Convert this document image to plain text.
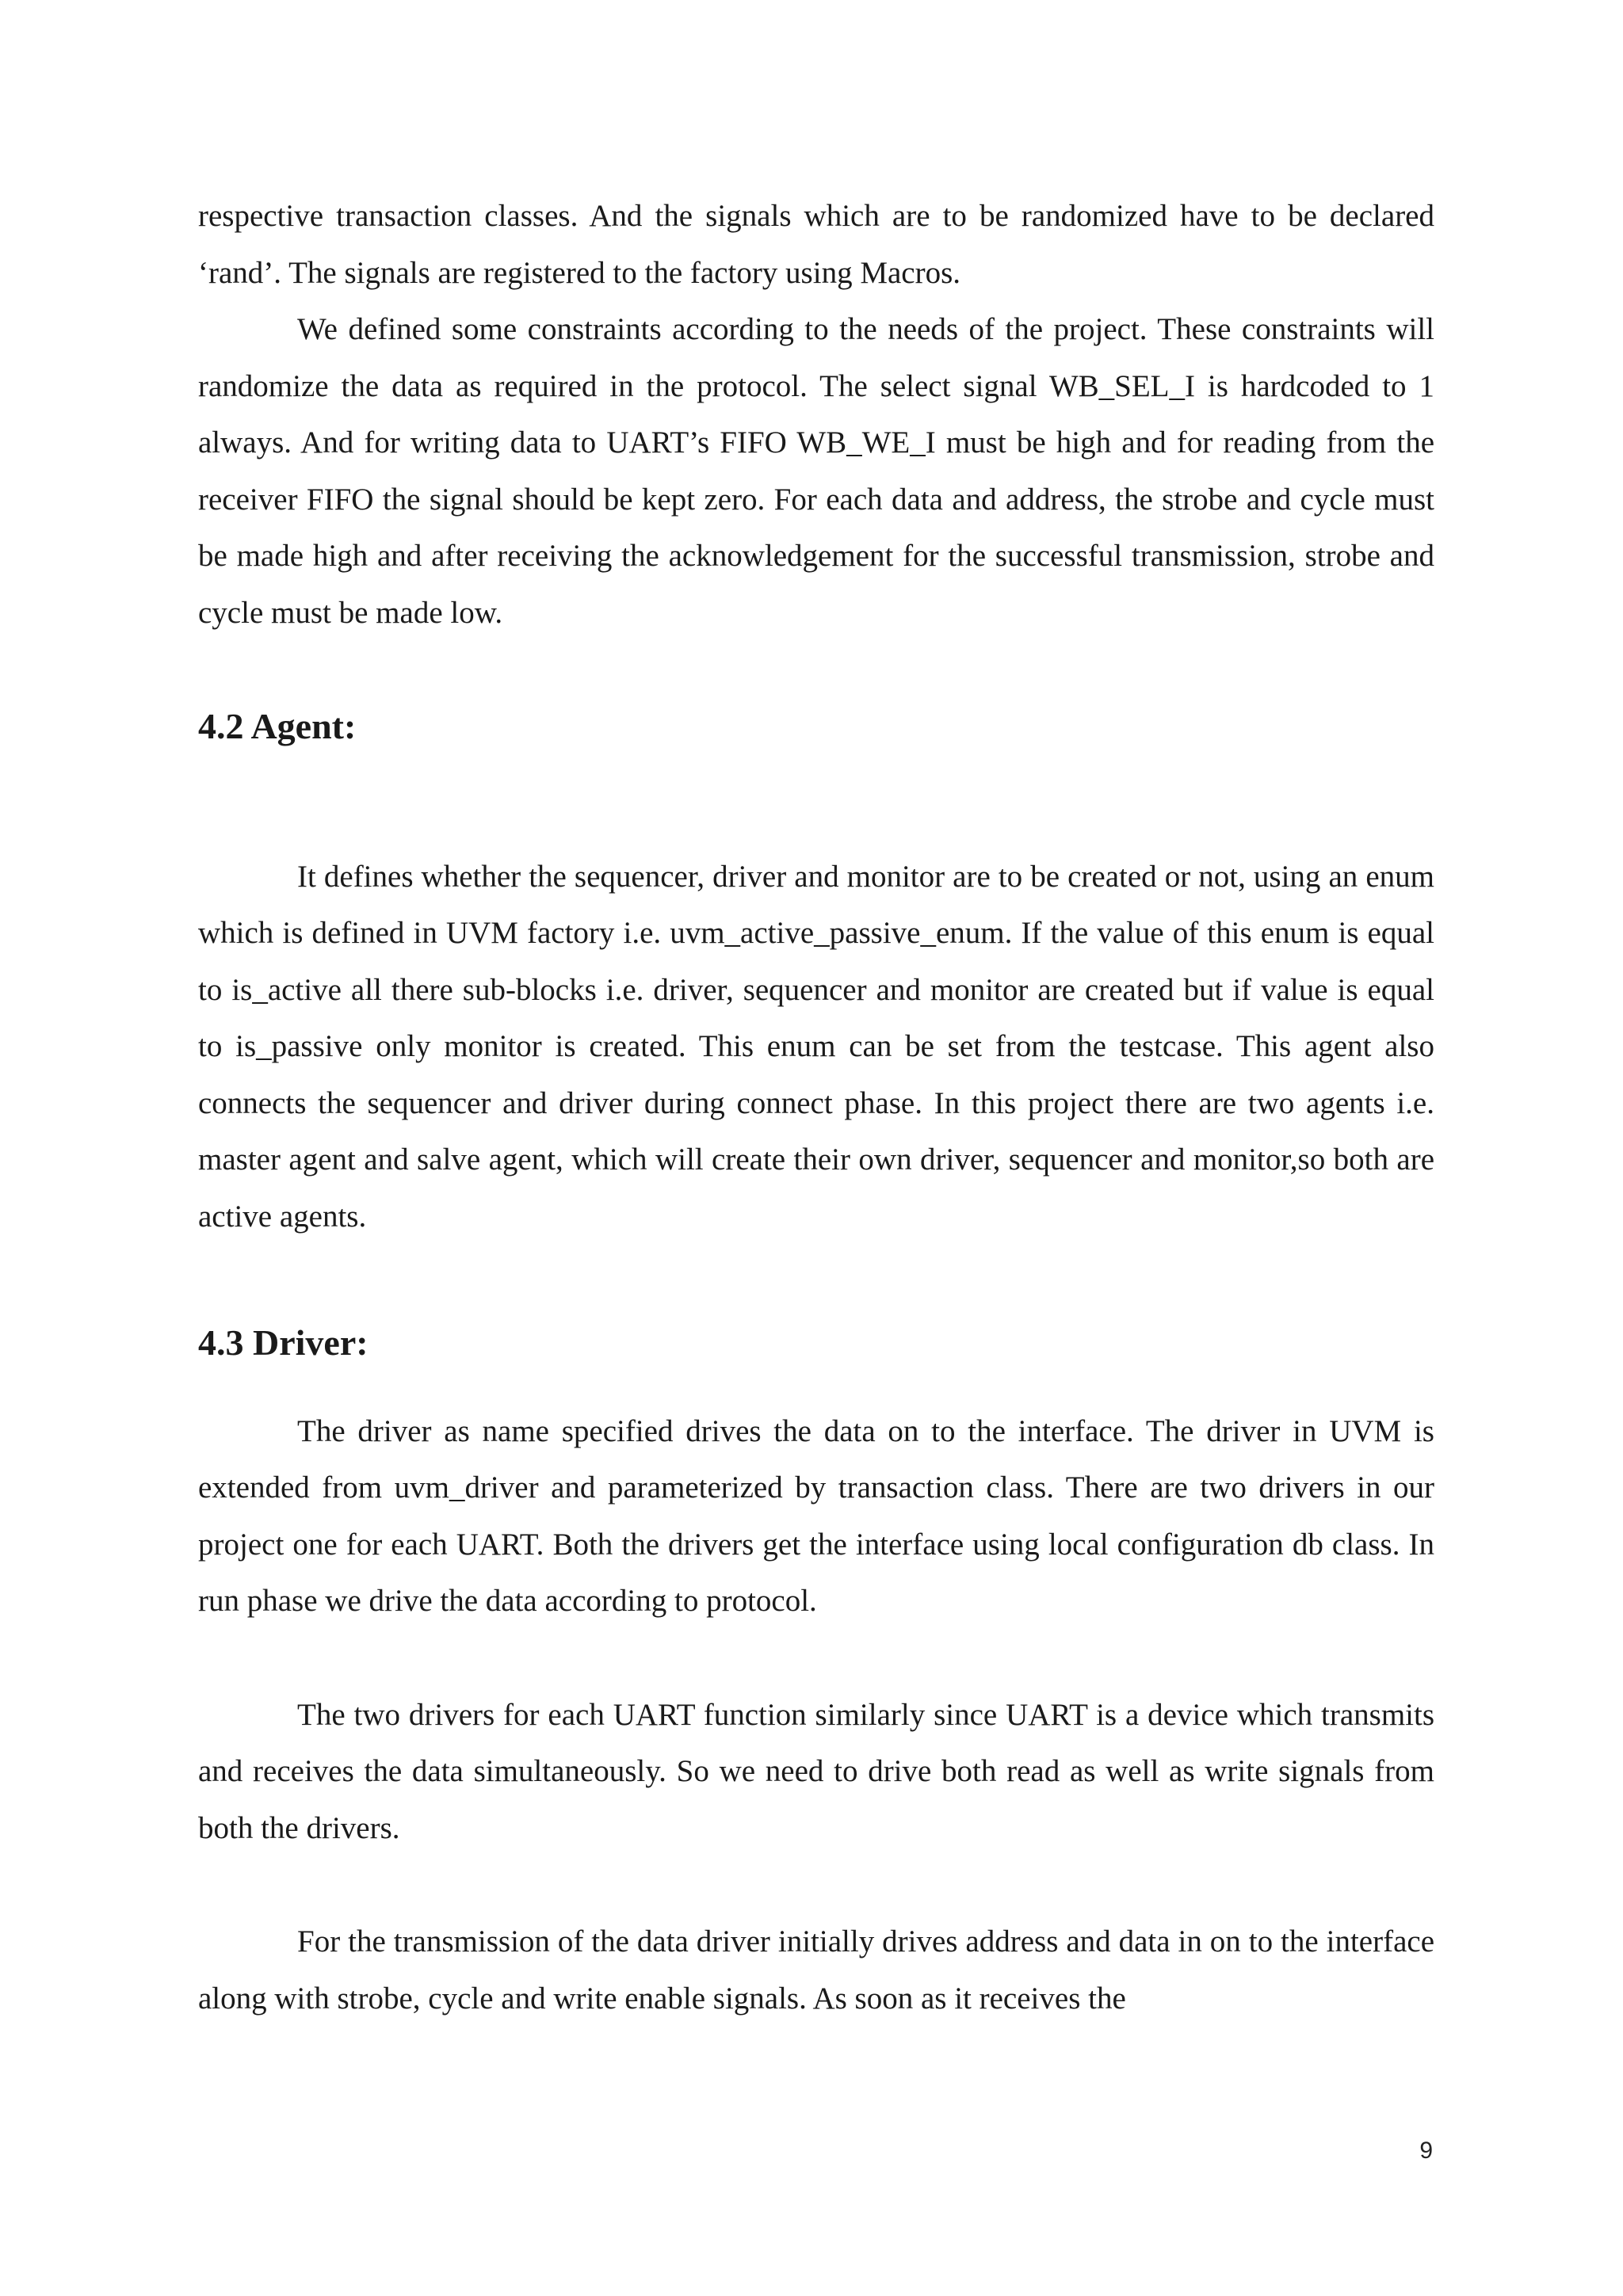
respective transaction classes. And the signals which are to be randomized have to be declared ‘rand’. The signals are registered to the factory using Macros.

We defined some constraints according to the needs of the project. These constraints will randomize the data as required in the protocol. The select signal WB_SEL_I is hardcoded to 1 always. And for writing data to UART’s FIFO WB_WE_I must be high and for reading from the receiver FIFO the signal should be kept zero. For each data and address, the strobe and cycle must be made high and after receiving the acknowledgement for the successful transmission, strobe and cycle must be made low.

4.2 Agent:

It defines whether the sequencer, driver and monitor are to be created or not, using an enum which is defined in UVM factory i.e. uvm_active_passive_enum. If the value of this enum is equal to is_active all there sub-blocks i.e. driver, sequencer and monitor are created but if value is equal to is_passive only monitor is created. This enum can be set from the testcase. This agent also connects the sequencer and driver during connect phase. In this project there are two agents i.e. master agent and salve agent, which will create their own driver, sequencer and monitor,so both are active agents.

4.3 Driver:

The driver as name specified drives the data on to the interface. The driver in UVM is extended from uvm_driver and parameterized by transaction class. There are two drivers in our project one for each UART. Both the drivers get the interface using local configuration db class. In run phase we drive the data according to protocol.

The two drivers for each UART function similarly since UART is a device which transmits and receives the data simultaneously. So we need to drive both read as well as write signals from both the drivers.

For the transmission of the data driver initially drives address and data in on to the interface along with strobe, cycle and write enable signals. As soon as it receives the

9
